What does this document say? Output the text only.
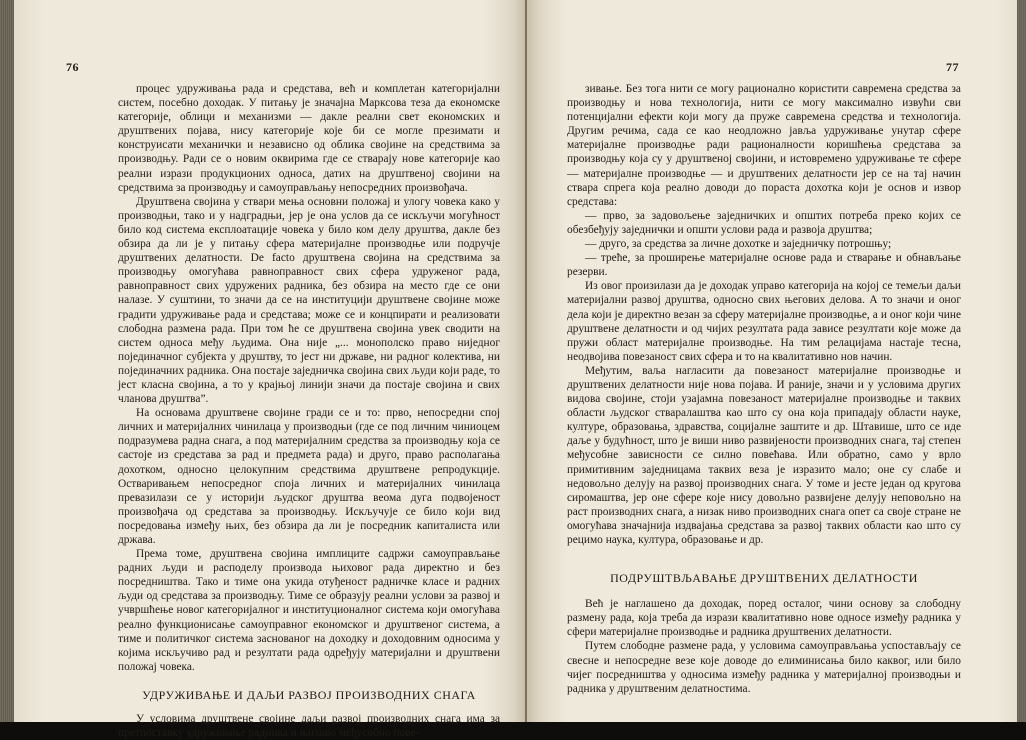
76

процес удруживања рада и средстава, већ и комплетан категоријални систем, посебно доходак. У питању је значајна Марксова теза да економске категорије, облици и механизми — дакле реални свет економских и друштвених појава, нису категорије које би се могле презимати и конструисати механички и независно од облика својине на средствима за производњу. Ради се о новим оквирима где се стварају нове категорије као реални изрази продукционих односа, датих на друштвеној својини на средствима за производњу и самоуправљању непосредних произвођача.

Друштвена својина у ствари мења основни положај и улогу човека како у производњи, тако и у надградњи, јер је она услов да се искључи могућност било код система експлоатације човека у било ком делу друштва, дакле без обзира да ли је у питању сфера материјалне производње или подручје друштвених делатности. De facto друштвена својина на средствима за производњу омогућава равноправност свих сфера удруженог рада, равноправност свих удружених радника, без обзира на место где се они налазе. У суштини, то значи да се на институцији друштвене својине може градити удруживање рада и средстава; може се и концпирати и реализовати слободна размена рада. При том ће се друштвена својина увек сводити на систем односа међу људима. Она није „... монополско право ниједног појединачног субјекта у друштву, то јест ни државе, ни радног колектива, ни појединачних радника. Она постаје заједничка својина свих људи који раде, то јест класна својина, а то у крајњој линији значи да постаје својина и свих чланова друштва”.

На основама друштвене својине гради се и то: прво, непосредни спој личних и материјалних чинилаца у производњи (где се под личним чиниоцем подразумева радна снага, а под материјалним средства за производњу која се састоје из средстава за рад и предмета рада) и друго, право располагања дохотком, односно целокупним средствима друштвене репродукције. Остваривањем непосредног споја личних и материјалних чинилаца превазилази се у историји људског друштва веома дуга подвојеност произвођача од средстава за производњу. Искључује се било који вид посредовања између њих, без обзира да ли је посредник капиталиста или држава.

Према томе, друштвена својина имплиците садржи самоуправљање радних људи и расподелу производа њиховог рада директно и без посредништва. Тако и тиме она укида отуђеност радничке класе и радних људи од средстава за производњу. Тиме се образују реални услови за развој и учвршћење новог категоријалног и институционалног система који омогућава реално функционисање самоуправног економског и друштвеног система, а тиме и политичког система заснованог на доходку и доходовним односима у којима искључиво рад и резултати рада одређују материјални и друштвени положај човека.

УДРУЖИВАЊЕ И ДАЉИ РАЗВОЈ ПРОИЗВОДНИХ СНАГА

У условима друштвене својине даљи развој производних снага има за претпоставку удруживање радника и њихово међусобно пове-

77

зивање. Без тога нити се могу рационално користити савремена средства за производњу и нова технологија, нити се могу максимално извући сви потенцијални ефекти који могу да пруже савремена средства и технологија. Другим речима, сада се као неодложно јавља удруживање унутар сфере материјалне производње ради рационалности коришћења средстава за производњу која су у друштвеној својини, и истовремено удруживање те сфере — материјалне производње — и друштвених делатности јер се на тај начин ствара спрега која реално доводи до пораста дохотка који је основ и извор средстава:

— прво, за задовољење заједничких и општих потреба преко којих се обезбеђују заједнички и општи услови рада и развоја друштва;

— друго, за средства за личне дохотке и заједничку потрошњу;

— треће, за проширење материјалне основе рада и стварање и обнављање резерви.

Из овог произилази да је доходак управо категорија на којој се темељи даљи материјални развој друштва, односно свих његових делова. А то значи и оног дела који је директно везан за сферу материјалне производње, а и оног који чине друштвене делатности и од чијих резултата рада зависе резултати које може да пружи област материјалне производње. На тим релацијама настаје тесна, неодвојива повезаност свих сфера и то на квалитативно нов начин.

Међутим, ваља нагласити да повезаност материјалне производње и друштвених делатности није нова појава. И раније, значи и у условима других видова својине, стоји узајамна повезаност материјалне производње и таквих области људског стваралаштва као што су она која припадају области науке, културе, образовања, здравства, социјалне заштите и др. Штавише, што се иде даље у будућност, што је виши ниво развијености производних снага, тај степен међусобне зависности се силно повећава. Или обратно, само у врло примитивним заједницама таквих веза је изразито мало; оне су слабе и недовољно делују на развој производних снага. У томе и јесте један од кругова сиромаштва, јер оне сфере које нису довољно развијене делују неповољно на раст производних снага, а низак ниво производних снага опет са своје стране не омогућава значајнија издвајања средстава за развој таквих области као што су рецимо наука, култура, образовање и др.

ПОДРУШТВЉАВАЊЕ ДРУШТВЕНИХ ДЕЛАТНОСТИ

Већ је наглашено да доходак, поред осталог, чини основу за слободну размену рада, која треба да изрази квалитативно нове односе између радника у сфери материјалне производње и радника друштвених делатности.

Путем слободне размене рада, у условима самоуправљања успостављају се свесне и непосредне везе које доводе до елиминисања било каквог, или било чијег посредништва у односима између радника у материјалној производњи и радника у друштвеним делатностима.
